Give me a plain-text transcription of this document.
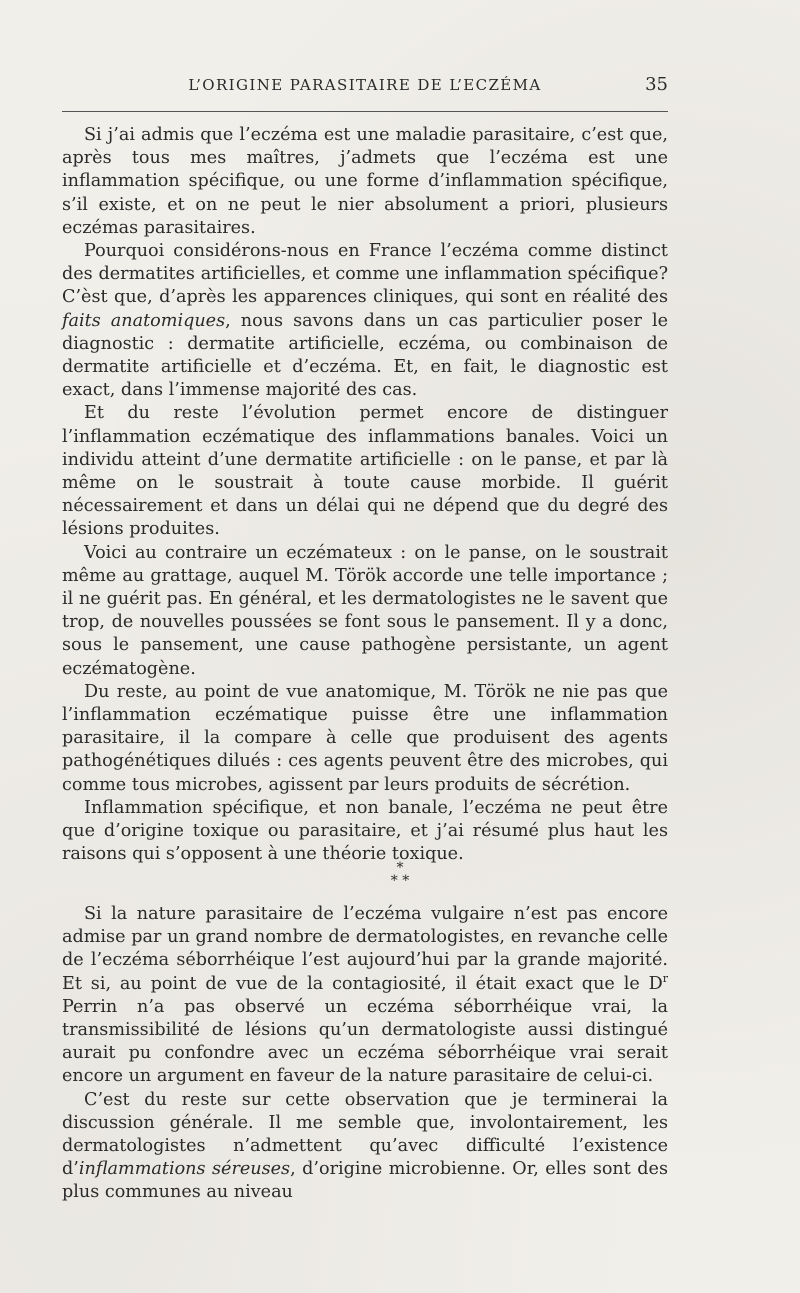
L’ORIGINE PARASITAIRE DE L’ECZÉMA	35

Si j’ai admis que l’eczéma est une maladie parasitaire, c’est que, après tous mes maîtres, j’admets que l’eczéma est une inflammation spécifique, ou une forme d’inflammation spécifique, s’il existe, et on ne peut le nier absolument a priori, plusieurs eczémas parasitaires.

Pourquoi considérons-nous en France l’eczéma comme distinct des dermatites artificielles, et comme une inflammation spécifique? C’èst que, d’après les apparences cliniques, qui sont en réalité des faits anatomiques, nous savons dans un cas particulier poser le diagnostic : dermatite artificielle, eczéma, ou combinaison de dermatite artificielle et d’eczéma. Et, en fait, le diagnostic est exact, dans l’immense majorité des cas.

Et du reste l’évolution permet encore de distinguer l’inflammation eczématique des inflammations banales. Voici un individu atteint d’une dermatite artificielle : on le panse, et par là même on le soustrait à toute cause morbide. Il guérit nécessairement et dans un délai qui ne dépend que du degré des lésions produites.

Voici au contraire un eczémateux : on le panse, on le soustrait même au grattage, auquel M. Török accorde une telle importance ; il ne guérit pas. En général, et les dermatologistes ne le savent que trop, de nouvelles poussées se font sous le pansement. Il y a donc, sous le pansement, une cause pathogène persistante, un agent eczématogène.

Du reste, au point de vue anatomique, M. Török ne nie pas que l’inflammation eczématique puisse être une inflammation parasitaire, il la compare à celle que produisent des agents pathogénétiques dilués : ces agents peuvent être des microbes, qui comme tous microbes, agissent par leurs produits de sécrétion.

Inflammation spécifique, et non banale, l’eczéma ne peut être que d’origine toxique ou parasitaire, et j’ai résumé plus haut les raisons qui s’opposent à une théorie toxique.

*
* *

Si la nature parasitaire de l’eczéma vulgaire n’est pas encore admise par un grand nombre de dermatologistes, en revanche celle de l’eczéma séborrhéique l’est aujourd’hui par la grande majorité. Et si, au point de vue de la contagiosité, il était exact que le $D^r$ Perrin n’a pas observé un eczéma séborrhéique vrai, la transmissibilité de lésions qu’un dermatologiste aussi distingué aurait pu confondre avec un eczéma séborrhéique vrai serait encore un argument en faveur de la nature parasitaire de celui-ci.

C’est du reste sur cette observation que je terminerai la discussion générale. Il me semble que, involontairement, les dermatologistes n’admettent qu’avec difficulté l’existence d’inflammations séreuses, d’origine microbienne. Or, elles sont des plus communes au niveau
